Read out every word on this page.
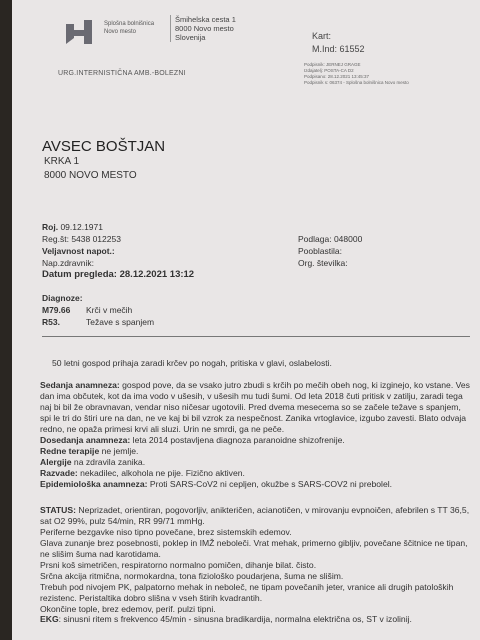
Splošna bolnišnica
Novo mesto
Šmihelska cesta 1
8000 Novo mesto
Slovenija	Kart:
M.Ind: 61552
URG.INTERNISTIČNA AMB.-BOLEZNI
Podpisnik: JERNEJ GRAGE
Izdajatelj: POSTA-CA D2
Podpisano: 28.12.2021 13:45:37
Podpisnik s: 06374 - Splošna bolnišnica Novo mesto
AVSEC BOŠTJAN
KRKA 1
8000 NOVO MESTO
Roj. 09.12.1971
Reg.št: 5438 012253
Veljavnost napot.:
Nap.zdravnik:
Datum pregleda: 28.12.2021 13:12
Podlaga: 048000
Pooblastila:
Org. številka:
Diagnoze:
M79.66 Krči v mečih
R53.	Težave s spanjem
50 letni gospod prihaja zaradi krčev po nogah, pritiska v glavi, oslabelosti.
Sedanja anamneza: gospod pove, da se vsako jutro zbudi s krčih po mečih obeh nog, ki izginejo, ko vstane. Ves dan ima občutek, kot da ima vodo v ušesih, v ušesih mu tudi šumi. Od leta 2018 čuti pritisk v zatilju, zaradi tega naj bi bil že obravnavan, vendar niso ničesar ugotovili. Pred dvema mesecema so se začele težave s spanjem, spi le tri do štiri ure na dan, ne ve kaj bi bil vzrok za nespečnost. Zanika vrtoglavice, izgubo zavesti. Blato odvaja redno, ne opaža primesi krvi ali sluzi. Urin ne smrdi, ga ne peče.
Dosedanja anamneza: leta 2014 postavljena diagnoza paranoidne shizofrenije.
Redne terapije ne jemlje.
Alergije na zdravila zanika.
Razvade: nekadilec, alkohola ne pije. Fizično aktiven.
Epidemiološka anamneza: Proti SARS-CoV2 ni cepljen, okužbe s SARS-COV2 ni prebolel.
STATUS: Neprizadet, orientiran, pogovorljiv, anikteričen, acianotičen, v mirovanju evpnoičen, afebrilen s TT 36,5, sat O2 99%, pulz 54/min, RR 99/71 mmHg.
Periferne bezgavke niso tipno povečane, brez sistemskih edemov.
Glava zunanje brez posebnosti, poklep in IMŽ neboleči. Vrat mehak, primerno gibljiv, povečane ščitnice ne tipan, ne slišim šuma nad karotidama.
Prsni koš simetričen, respiratorno normalno pomičen, dihanje bilat. čisto.
Srčna akcija ritmična, normokardna, tona fiziološko poudarjena, šuma ne slišim.
Trebuh pod nivojem PK, palpatorno mehak in neboleč, ne tipam povečanih jeter, vranice ali drugih patoloških rezistenc. Peristaltika dobro slišna v vseh štirih kvadrantih.
Okončine tople, brez edemov, perif. pulzi tipni.
EKG: sinusni ritem s frekvenco 45/min - sinusna bradikardija, normalna električna os, ST v izolinij.
